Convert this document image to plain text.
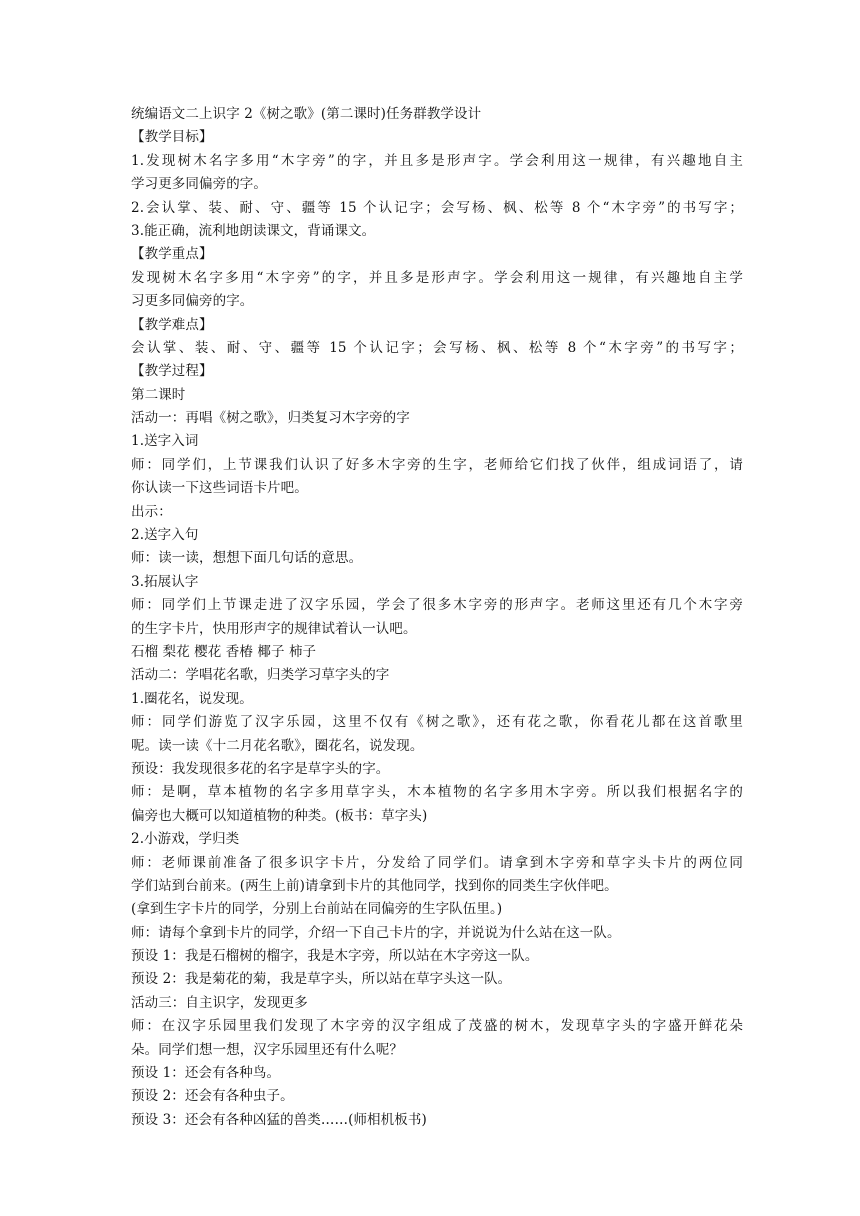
统编语文二上识字 2《树之歌》(第二课时)任务群教学设计
【教学目标】
1.发现树木名字多用“木字旁”的字，并且多是形声字。学会利用这一规律，有兴趣地自主
学习更多同偏旁的字。
2.会认掌、装、耐、守、疆等 15 个认记字；会写杨、枫、松等 8 个“木字旁”的书写字；
3.能正确，流利地朗读课文，背诵课文。
【教学重点】
发现树木名字多用“木字旁”的字，并且多是形声字。学会利用这一规律，有兴趣地自主学
习更多同偏旁的字。
【教学难点】
会认掌、装、耐、守、疆等 15 个认记字；会写杨、枫、松等 8 个“木字旁”的书写字；
【教学过程】
第二课时
活动一：再唱《树之歌》，归类复习木字旁的字
1.送字入词
师：同学们，上节课我们认识了好多木字旁的生字，老师给它们找了伙伴，组成词语了，请
你认读一下这些词语卡片吧。
出示：
2.送字入句
师：读一读，想想下面几句话的意思。
3.拓展认字
师：同学们上节课走进了汉字乐园，学会了很多木字旁的形声字。老师这里还有几个木字旁
的生字卡片，快用形声字的规律试着认一认吧。
石榴 梨花 樱花 香椿 椰子 柿子
活动二：学唱花名歌，归类学习草字头的字
1.圈花名，说发现。
师：同学们游览了汉字乐园，这里不仅有《树之歌》，还有花之歌，你看花儿都在这首歌里
呢。读一读《十二月花名歌》，圈花名，说发现。
预设：我发现很多花的名字是草字头的字。
师：是啊，草本植物的名字多用草字头，木本植物的名字多用木字旁。所以我们根据名字的
偏旁也大概可以知道植物的种类。(板书：草字头)
2.小游戏，学归类
师：老师课前准备了很多识字卡片，分发给了同学们。请拿到木字旁和草字头卡片的两位同
学们站到台前来。(两生上前)请拿到卡片的其他同学，找到你的同类生字伙伴吧。
(拿到生字卡片的同学，分别上台前站在同偏旁的生字队伍里。)
师：请每个拿到卡片的同学，介绍一下自己卡片的字，并说说为什么站在这一队。
预设 1：我是石榴树的榴字，我是木字旁，所以站在木字旁这一队。
预设 2：我是菊花的菊，我是草字头，所以站在草字头这一队。
活动三：自主识字，发现更多
师：在汉字乐园里我们发现了木字旁的汉字组成了茂盛的树木，发现草字头的字盛开鲜花朵
朵。同学们想一想，汉字乐园里还有什么呢？
预设 1：还会有各种鸟。
预设 2：还会有各种虫子。
预设 3：还会有各种凶猛的兽类……(师相机板书)
